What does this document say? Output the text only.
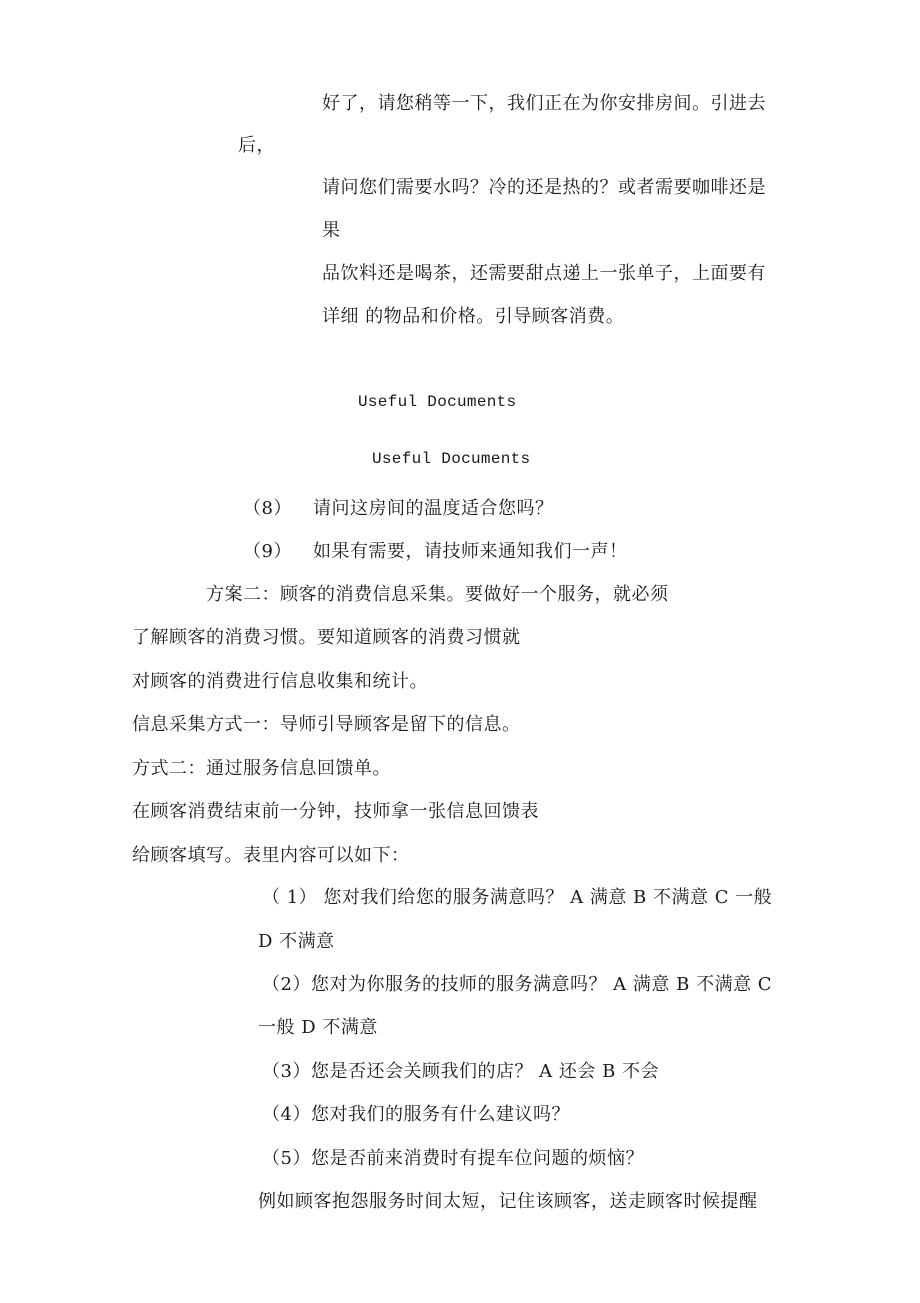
好了，请您稍等一下，我们正在为你安排房间。引进去
后，
请问您们需要水吗？冷的还是热的？或者需要咖啡还是
果
品饮料还是喝茶，还需要甜点递上一张单子，上面要有
详细 的物品和价格。引导顾客消费。
Useful Documents
Useful Documents
（8） 请问这房间的温度适合您吗？
（9） 如果有需要，请技师来通知我们一声！
方案二：顾客的消费信息采集。要做好一个服务，就必须
了解顾客的消费习惯。要知道顾客的消费习惯就
对顾客的消费进行信息收集和统计。
信息采集方式一：导师引导顾客是留下的信息。
方式二：通过服务信息回馈单。
在顾客消费结束前一分钟，技师拿一张信息回馈表
给顾客填写。表里内容可以如下：
（ 1） 您对我们给您的服务满意吗？ A 满意 B 不满意 C 一般
D 不满意
（2）您对为你服务的技师的服务满意吗？ A 满意 B 不满意 C
一般 D 不满意
（3）您是否还会关顾我们的店？ A 还会 B 不会
（4）您对我们的服务有什么建议吗？
（5）您是否前来消费时有提车位问题的烦恼？
例如顾客抱怨服务时间太短，记住该顾客，送走顾客时候提醒
